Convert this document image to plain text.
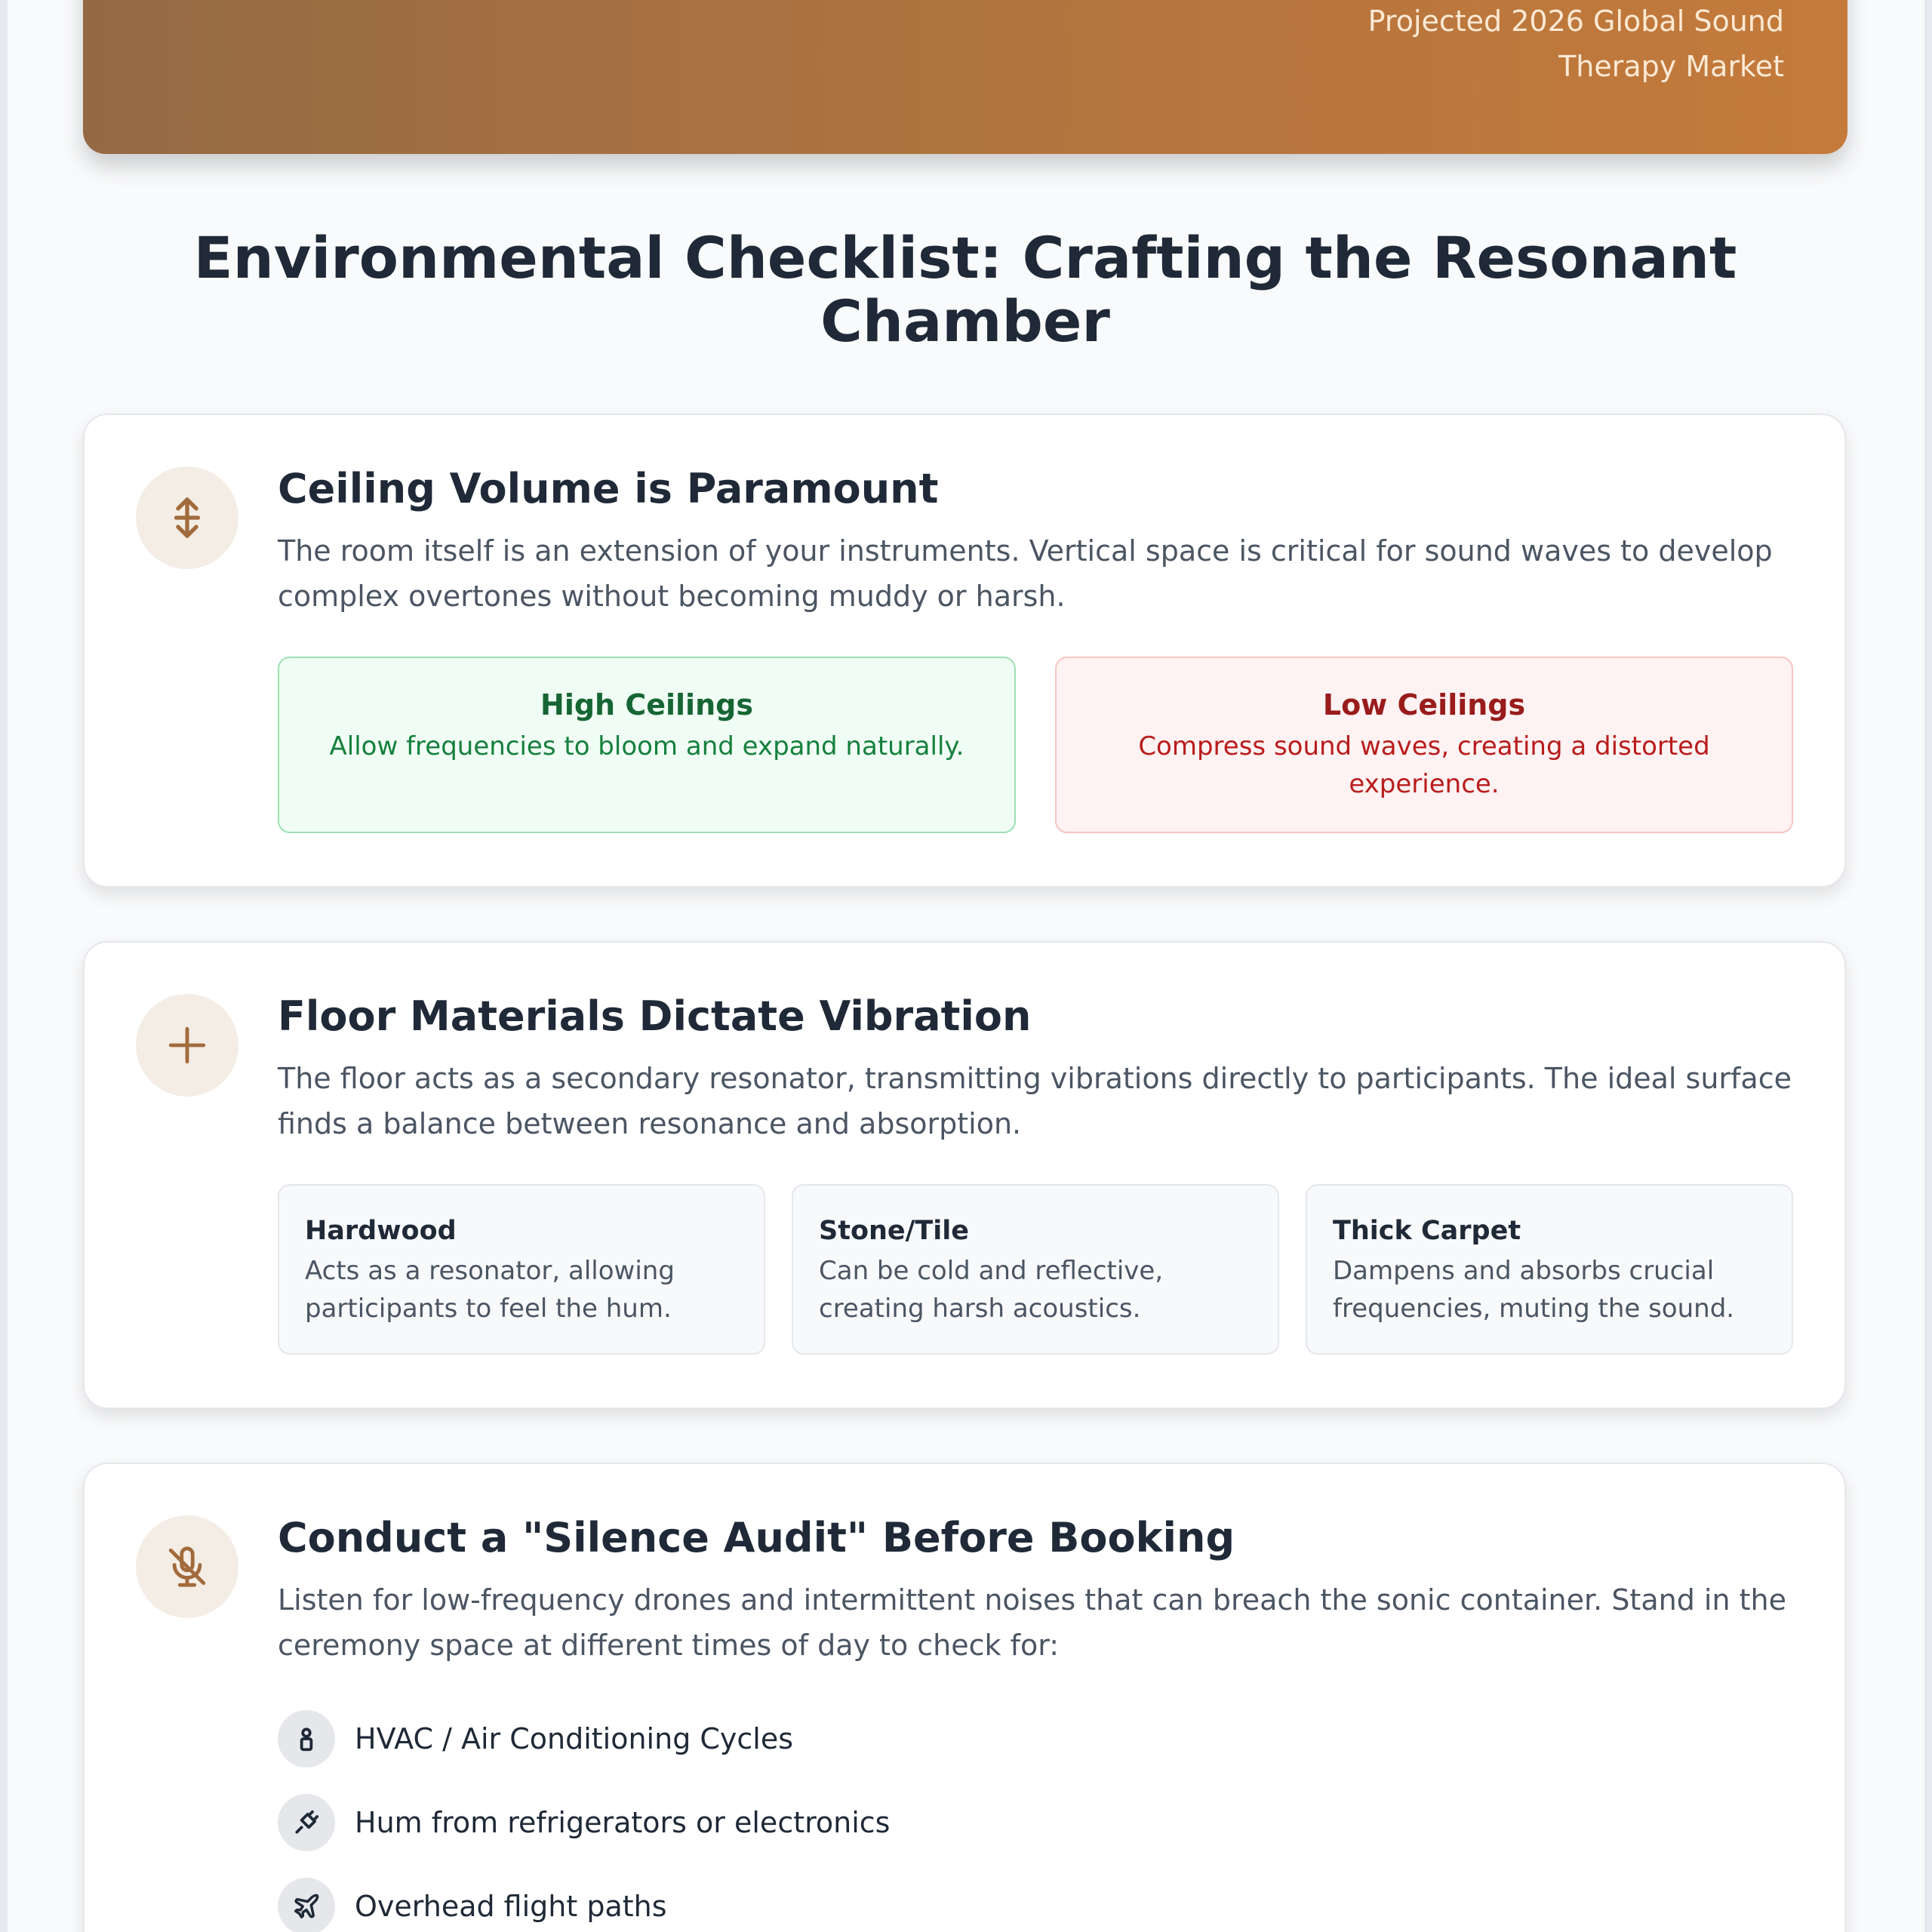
Projected 2026 Global Sound Therapy Market
Environmental Checklist: Crafting the Resonant Chamber
Ceiling Volume is Paramount

The room itself is an extension of your instruments. Vertical space is critical for sound waves to develop complex overtones without becoming muddy or harsh.

High Ceilings
Allow frequencies to bloom and expand naturally.
Low Ceilings
Compress sound waves, creating a distorted experience.
Floor Materials Dictate Vibration

The floor acts as a secondary resonator, transmitting vibrations directly to participants. The ideal surface finds a balance between resonance and absorption.

Hardwood
Acts as a resonator, allowing participants to feel the hum.
Stone/Tile
Can be cold and reflective, creating harsh acoustics.
Thick Carpet
Dampens and absorbs crucial frequencies, muting the sound.
Conduct a "Silence Audit" Before Booking

Listen for low-frequency drones and intermittent noises that can breach the sonic container. Stand in the ceremony space at different times of day to check for:

HVAC / Air Conditioning Cycles
Hum from refrigerators or electronics
Overhead flight paths
